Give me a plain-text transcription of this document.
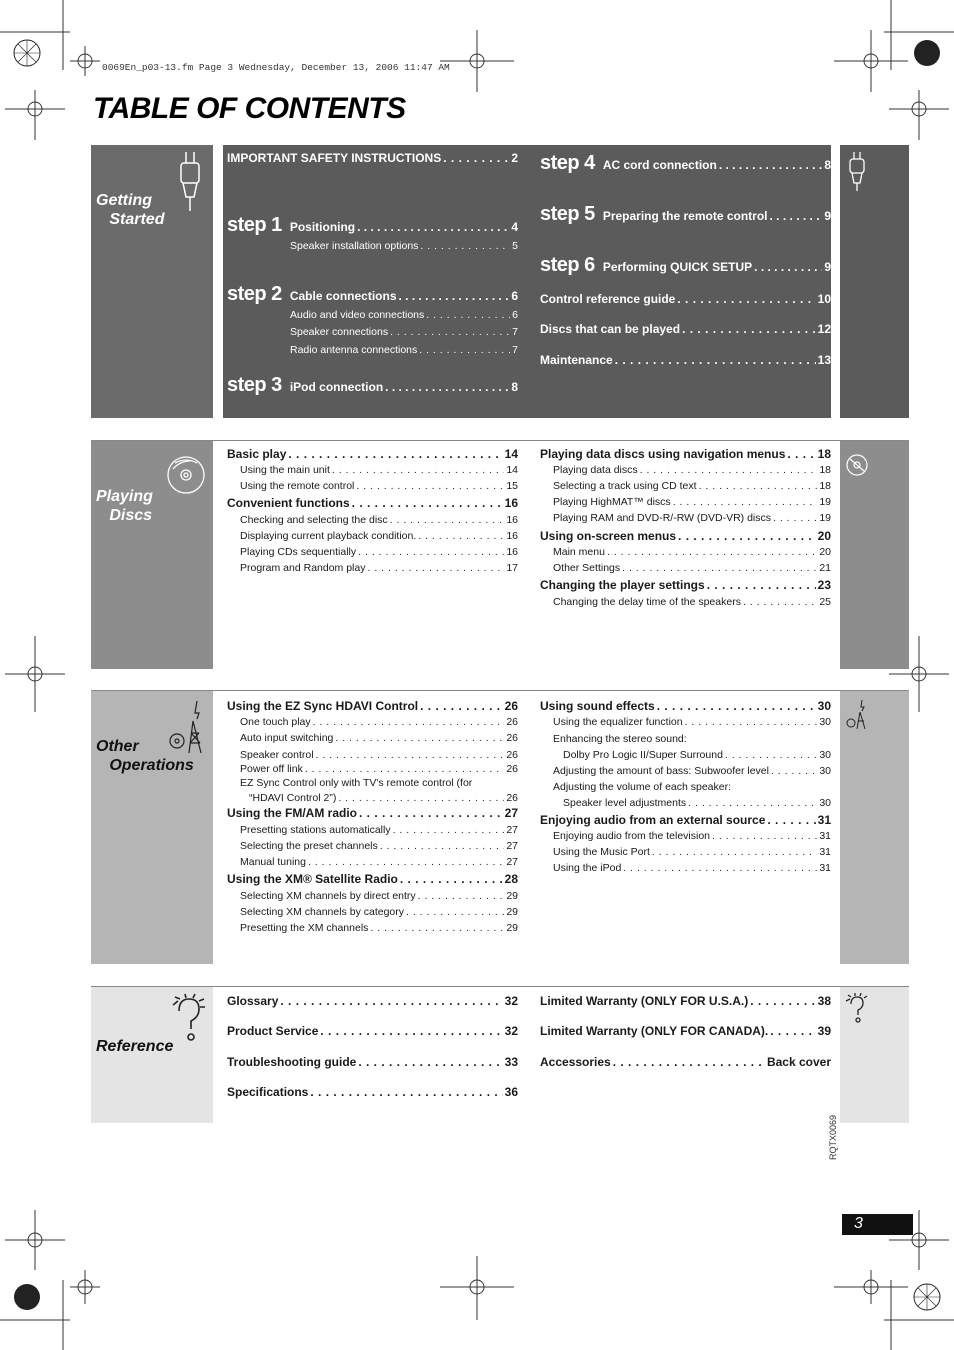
0069En_p03-13.fm Page 3 Wednesday, December 13, 2006 11:47 AM
TABLE OF CONTENTS
Getting
Started
IMPORTANT SAFETY INSTRUCTIONS . . .	2
step 1 Positioning . . .	4
Speaker installation options . . .	5
step 2 Cable connections . . .	6
Audio and video connections . . .	6
Speaker connections . . .	7
Radio antenna connections . . .	7
step 3 iPod connection . . .	8
step 4 AC cord connection . . .	8
step 5 Preparing the remote control . . .	9
step 6 Performing QUICK SETUP . . .	9
Control reference guide . . .	10
Discs that can be played . . .	12
Maintenance . . .	13
Playing
Discs
Basic play . . .	14
Using the main unit . . .	14
Using the remote control . . .	15
Convenient functions . . .	16
Checking and selecting the disc . . .	16
Displaying current playback condition. . . .	16
Playing CDs sequentially . . .	16
Program and Random play . . .	17
Playing data discs using navigation menus . . .	18
Playing data discs . . .	18
Selecting a track using CD text . . .	18
Playing HighMAT™ discs . . .	19
Playing RAM and DVD-R/-RW (DVD-VR) discs . . .	19
Using on-screen menus . . .	20
Main menu . . .	20
Other Settings . . .	21
Changing the player settings . . .	23
Changing the delay time of the speakers . . .	25
Other
Operations
Using the EZ Sync HDAVI Control . . .	26
One touch play . . .	26
Auto input switching . . .	26
Speaker control . . .	26
Power off link . . .	26
EZ Sync Control only with TV's remote control (for
“HDAVI Control 2”) . . .	26
Using the FM/AM radio . . .	27
Presetting stations automatically . . .	27
Selecting the preset channels . . .	27
Manual tuning . . .	27
Using the XM® Satellite Radio . . .	28
Selecting XM channels by direct entry . . .	29
Selecting XM channels by category . . .	29
Presetting the XM channels . . .	29
Using sound effects . . .	30
Using the equalizer function . . .	30
Enhancing the stereo sound:
Dolby Pro Logic II/Super Surround . . .	30
Adjusting the amount of bass: Subwoofer level . . .	30
Adjusting the volume of each speaker:
Speaker level adjustments . . .	30
Enjoying audio from an external source . . .	31
Enjoying audio from the television . . .	31
Using the Music Port . . .	31
Using the iPod . . .	31
Reference
Glossary . . .	32
Product Service . . .	32
Troubleshooting guide . . .	33
Specifications . . .	36
Limited Warranty (ONLY FOR U.S.A.) . . .	38
Limited Warranty (ONLY FOR CANADA). . . .	39
Accessories . . .	Back cover
RQTX0069
3
